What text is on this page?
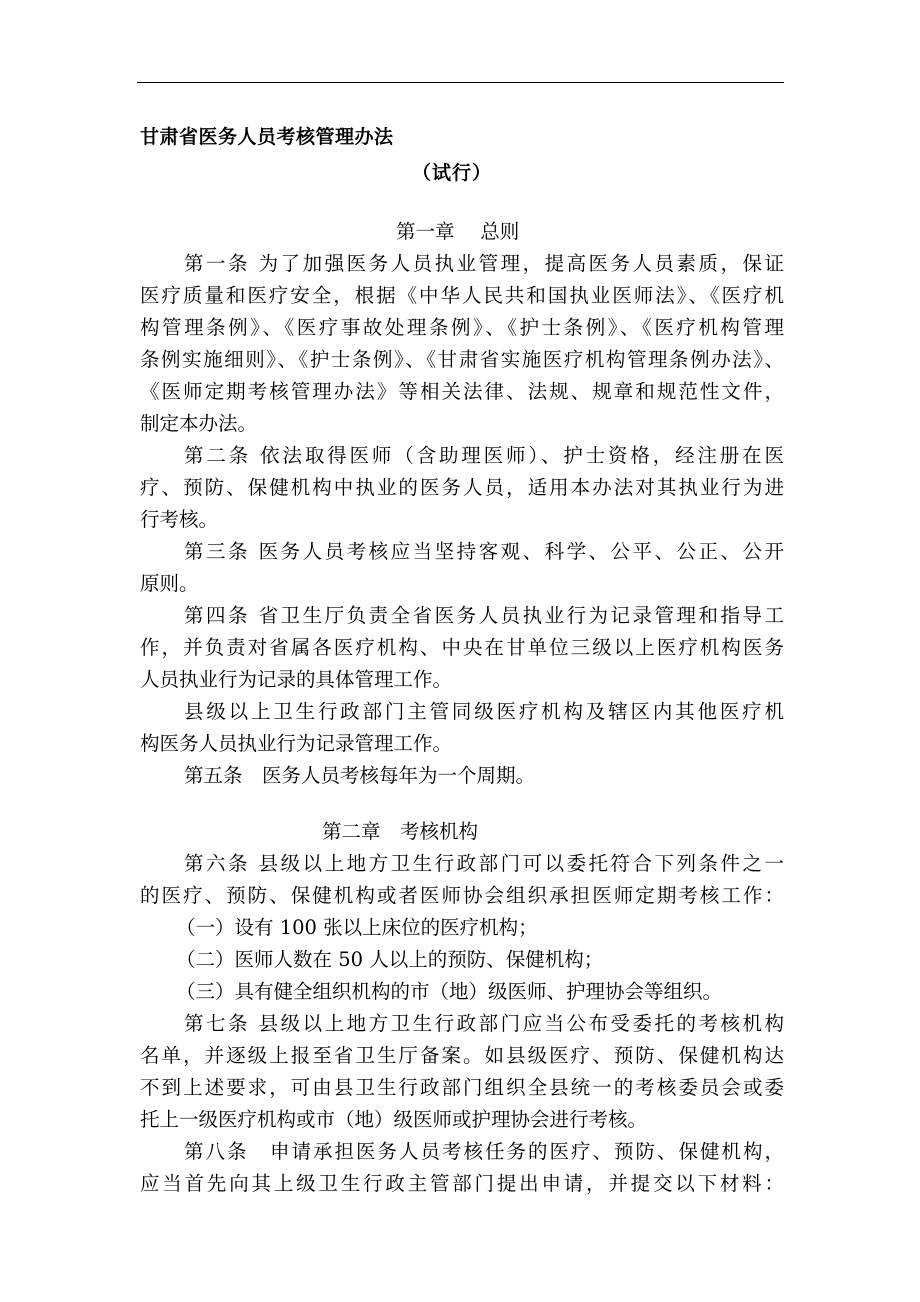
甘肃省医务人员考核管理办法
（试行）
第一章　 总则
第一条 为了加强医务人员执业管理，提高医务人员素质，保证
医疗质量和医疗安全，根据《中华人民共和国执业医师法》、《医疗机
构管理条例》、《医疗事故处理条例》、《护士条例》、《医疗机构管理
条例实施细则》、《护士条例》、《甘肃省实施医疗机构管理条例办法》、
《医师定期考核管理办法》等相关法律、法规、规章和规范性文件，
制定本办法。
第二条 依法取得医师（含助理医师）、护士资格，经注册在医
疗、预防、保健机构中执业的医务人员，适用本办法对其执业行为进
行考核。
第三条 医务人员考核应当坚持客观、科学、公平、公正、公开
原则。
第四条 省卫生厅负责全省医务人员执业行为记录管理和指导工
作，并负责对省属各医疗机构、中央在甘单位三级以上医疗机构医务
人员执业行为记录的具体管理工作。
县级以上卫生行政部门主管同级医疗机构及辖区内其他医疗机
构医务人员执业行为记录管理工作。
第五条　医务人员考核每年为一个周期。
第二章　考核机构
第六条 县级以上地方卫生行政部门可以委托符合下列条件之一
的医疗、预防、保健机构或者医师协会组织承担医师定期考核工作：
（一）设有 100 张以上床位的医疗机构；
（二）医师人数在 50 人以上的预防、保健机构；
（三）具有健全组织机构的市（地）级医师、护理协会等组织。
第七条 县级以上地方卫生行政部门应当公布受委托的考核机构
名单，并逐级上报至省卫生厅备案。如县级医疗、预防、保健机构达
不到上述要求，可由县卫生行政部门组织全县统一的考核委员会或委
托上一级医疗机构或市（地）级医师或护理协会进行考核。
第八条　申请承担医务人员考核任务的医疗、预防、保健机构，
应当首先向其上级卫生行政主管部门提出申请，并提交以下材料：
